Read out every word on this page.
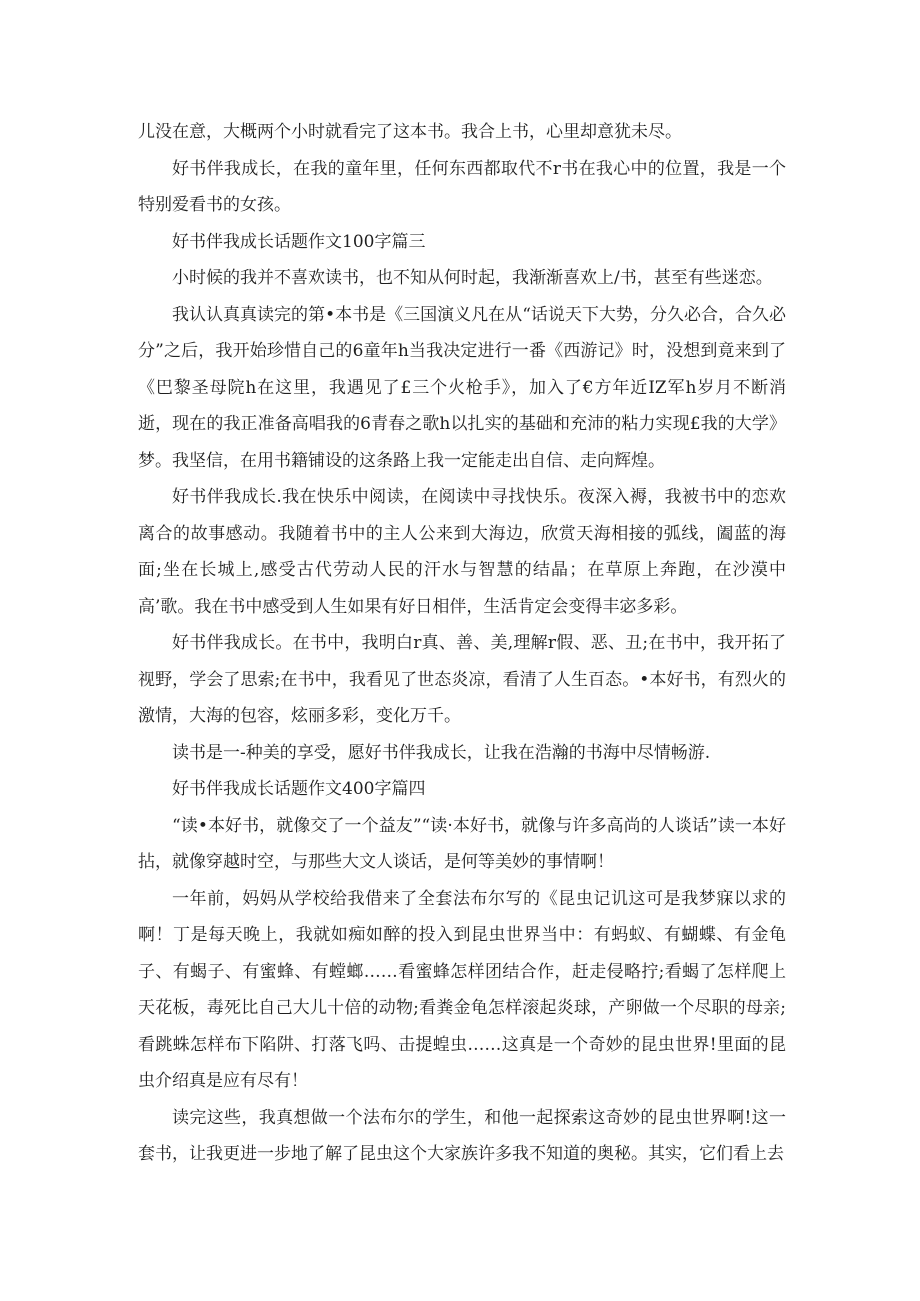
儿没在意，大概两个小时就看完了这本书。我合上书，心里却意犹未尽。

好书伴我成长，在我的童年里，任何东西都取代不r书在我心中的位置，我是一个特别爱看书的女孩。

好书伴我成长话题作文100字篇三

小时候的我并不喜欢读书，也不知从何时起，我渐渐喜欢上/书，甚至有些迷恋。

我认认真真读完的第•本书是《三国演义凡在从“话说天下大势，分久必合，合久必分”之后，我开始珍惜自己的6童年h当我决定进行一番《西游记》时，没想到竟来到了《巴黎圣母院h在这里，我遇见了£三个火枪手》，加入了€方年近IZ军h岁月不断消逝，现在的我正准备高唱我的6青春之歌h以扎实的基础和充沛的粘力实现£我的大学》梦。我坚信，在用书籍铺设的这条路上我一定能走出自信、走向辉煌。

好书伴我成长.我在快乐中阅读，在阅读中寻找快乐。夜深入褥，我被书中的恋欢离合的故事感动。我随着书中的主人公来到大海边，欣赏天海相接的弧线，阖蓝的海面;坐在长城上,感受古代劳动人民的汗水与智慧的结晶；在草原上奔跑，在沙漠中高’歌。我在书中感受到人生如果有好日相伴，生活肯定会变得丰宓多彩。

好书伴我成长。在书中，我明白r真、善、美,理解r假、恶、丑;在书中，我开拓了视野，学会了思索;在书中，我看见了世态炎凉，看清了人生百态。•本好书，有烈火的激情，大海的包容，炫丽多彩，变化万千。

读书是一-种美的享受，愿好书伴我成长，让我在浩瀚的书海中尽情畅游.

好书伴我成长话题作文400字篇四

“读•本好书，就像交了一个益友”“读·本好书，就像与许多高尚的人谈话”读一本好拈，就像穿越时空，与那些大文人谈话，是何等美妙的事情啊！

一年前，妈妈从学校给我借来了全套法布尔写的《昆虫记讥这可是我梦寐以求的啊！丁是每天晚上，我就如痴如醉的投入到昆虫世界当中：有蚂蚁、有蝴蝶、有金龟子、有蝎子、有蜜蜂、有螳螂……看蜜蜂怎样团结合作，赶走侵略拧;看蝎了怎样爬上天花板，毒死比自己大儿十倍的动物;看粪金龟怎样滚起炎球，产卵做一个尽职的母亲;看跳蛛怎样布下陷阱、打落飞吗、击提蝗虫……这真是一个奇妙的昆虫世界!里面的昆虫介绍真是应有尽有！

读完这些，我真想做一个法布尔的学生，和他一起探索这奇妙的昆虫世界啊!这一套书，让我更进一步地了解了昆虫这个大家族许多我不知道的奥秘。其实，它们看上去
